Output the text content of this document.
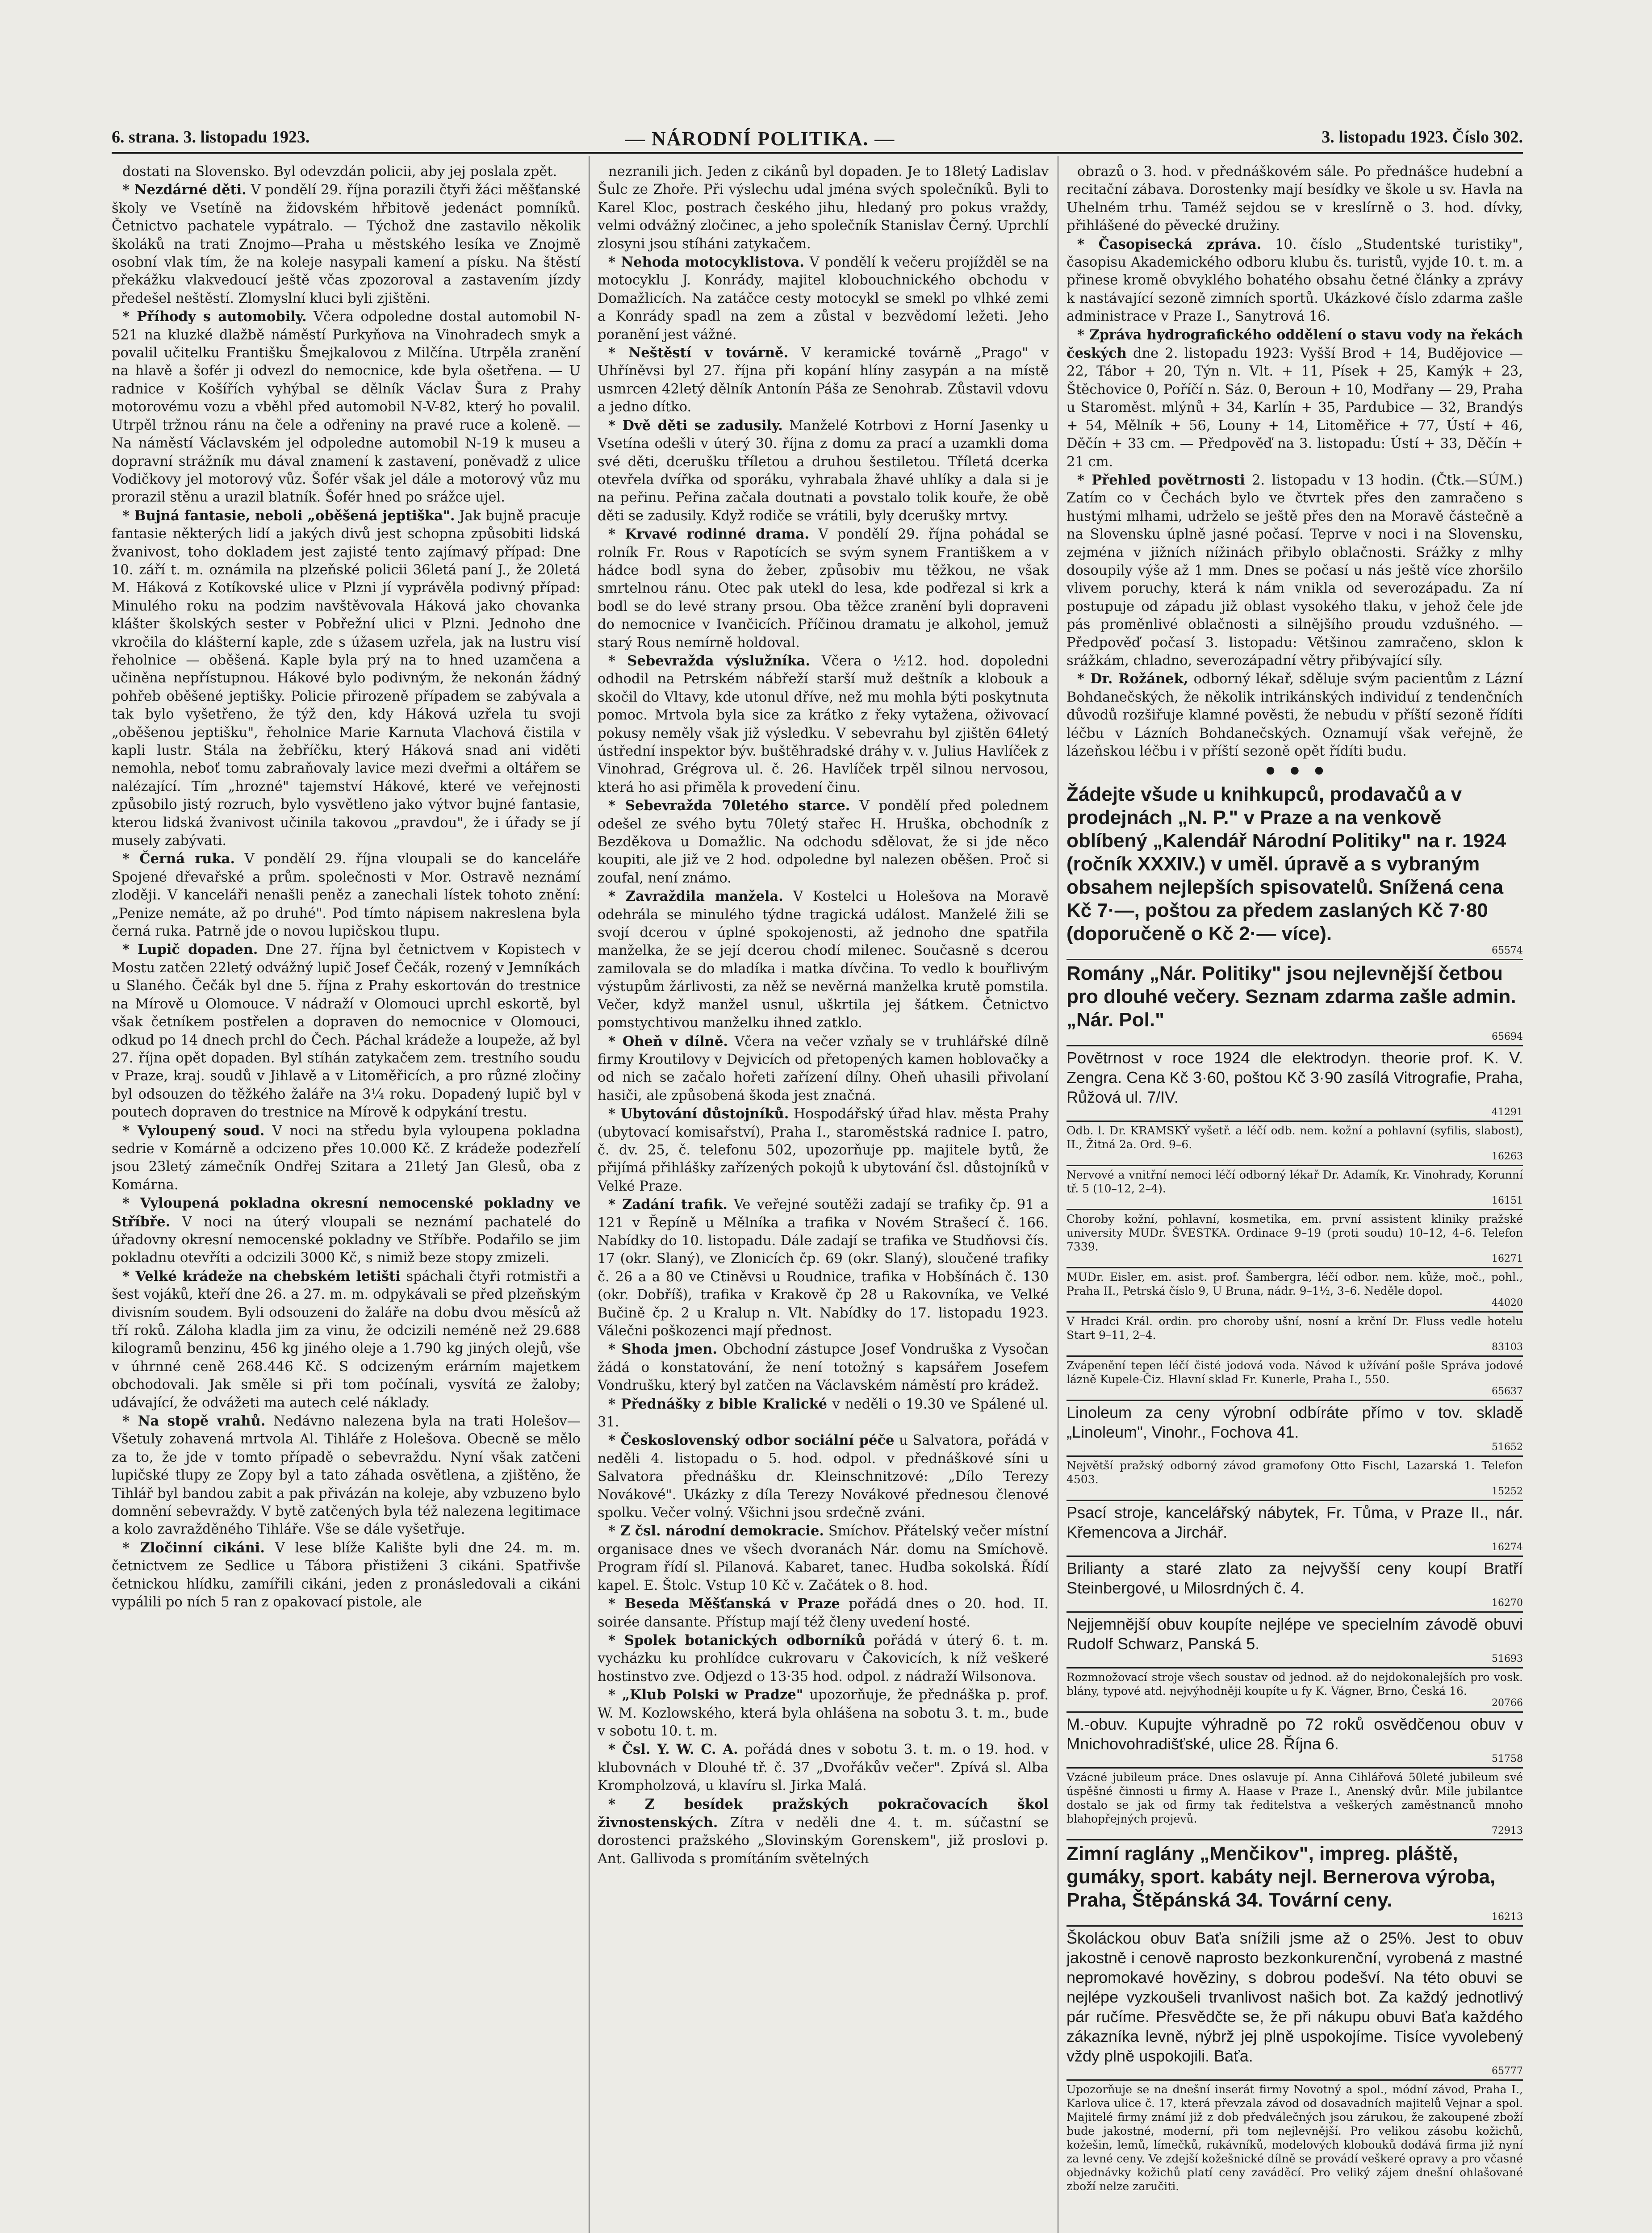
6. strana. 3. listopadu 1923.	— NÁRODNÍ POLITIKA. —	3. listopadu 1923. Číslo 302.

dostati na Slovensko. Byl odevzdán policii, aby jej poslala zpět.

* Nezdárné děti. V pondělí 29. října porazili čtyři žáci měšťanské školy ve Vsetíně na židovském hřbitově jedenáct pomníků. Četnictvo pachatele vypátralo. — Týchož dne zastavilo několik školáků na trati Znojmo—Praha u městského lesíka ve Znojmě osobní vlak tím, že na koleje nasypali kamení a písku. Na štěstí překážku vlakvedoucí ještě včas zpozoroval a zastavením jízdy předešel neštěstí. Zlomyslní kluci byli zjištěni.

* Příhody s automobily. Včera odpoledne dostal automobil N-521 na kluzké dlažbě náměstí Purkyňova na Vinohradech smyk a povalil učitelku Františku Šmejkalovou z Milčína. Utrpěla zranění na hlavě a šofér ji odvezl do nemocnice, kde byla ošetřena. — U radnice v Košířích vyhýbal se dělník Václav Šura z Prahy motorovému vozu a vběhl před automobil N-V-82, který ho povalil. Utrpěl tržnou ránu na čele a odřeniny na pravé ruce a koleně. — Na náměstí Václavském jel odpoledne automobil N-19 k museu a dopravní strážník mu dával znamení k zastavení, poněvadž z ulice Vodičkovy jel motorový vůz. Šofér však jel dále a motorový vůz mu prorazil stěnu a urazil blatník. Šofér hned po srážce ujel.

* Bujná fantasie, neboli „oběšená jeptiška". Jak bujně pracuje fantasie některých lidí a jakých divů jest schopna způsobiti lidská žvanivost, toho dokladem jest zajisté tento zajímavý případ: Dne 10. září t. m. oznámila na plzeňské policii 36letá paní J., že 20letá M. Háková z Kotíkovské ulice v Plzni jí vyprávěla podivný případ: Minulého roku na podzim navštěvovala Háková jako chovanka klášter školských sester v Pobřežní ulici v Plzni. Jednoho dne vkročila do klášterní kaple, zde s úžasem uzřela, jak na lustru visí řeholnice — oběšená. Kaple byla prý na to hned uzamčena a učiněna nepřístupnou. Hákové bylo podivným, že nekonán žádný pohřeb oběšené jeptišky. Policie přirozeně případem se zabývala a tak bylo vyšetřeno, že týž den, kdy Háková uzřela tu svoji „oběšenou jeptišku", řeholnice Marie Karnuta Vlachová čistila v kapli lustr. Stála na žebříčku, který Háková snad ani viděti nemohla, neboť tomu zabraňovaly lavice mezi dveřmi a oltářem se nalézající. Tím „hrozné" tajemství Hákové, které ve veřejnosti způsobilo jistý rozruch, bylo vysvětleno jako výtvor bujné fantasie, kterou lidská žvanivost učinila takovou „pravdou", že i úřady se jí musely zabývati.

* Černá ruka. V pondělí 29. října vloupali se do kanceláře Spojené dřevařské a prům. společnosti v Mor. Ostravě neznámí zloději. V kanceláři nenašli peněz a zanechali lístek tohoto znění: „Penize nemáte, až po druhé". Pod tímto nápisem nakreslena byla černá ruka. Patrně jde o novou lupičskou tlupu.

* Lupič dopaden. Dne 27. října byl četnictvem v Kopistech v Mostu zatčen 22letý odvážný lupič Josef Čečák, rozený v Jemníkách u Slaného. Čečák byl dne 5. října z Prahy eskortován do trestnice na Mírově u Olomouce. V nádraží v Olomouci uprchl eskortě, byl však četníkem postřelen a dopraven do nemocnice v Olomouci, odkud po 14 dnech prchl do Čech. Páchal krádeže a loupeže, až byl 27. října opět dopaden. Byl stíhán zatykačem zem. trestního soudu v Praze, kraj. soudů v Jihlavě a v Litoměřicích, a pro různé zločiny byl odsouzen do těžkého žaláře na 3¼ roku. Dopadený lupič byl v poutech dopraven do trestnice na Mírově k odpykání trestu.

* Vyloupený soud. V noci na středu byla vyloupena pokladna sedrie v Komárně a odcizeno přes 10.000 Kč. Z krádeže podezřelí jsou 23letý zámečník Ondřej Szitara a 21letý Jan Glesů, oba z Komárna.

* Vyloupená pokladna okresní nemocenské pokladny ve Stříbře. V noci na úterý vloupali se neznámí pachatelé do úřadovny okresní nemocenské pokladny ve Stříbře. Podařilo se jim pokladnu otevříti a odcizili 3000 Kč, s nimiž beze stopy zmizeli.

* Velké krádeže na chebském letišti spáchali čtyři rotmistři a šest vojáků, kteří dne 26. a 27. m. m. odpykávali se před plzeňským divisním soudem. Byli odsouzeni do žaláře na dobu dvou měsíců až tří roků. Záloha kladla jim za vinu, že odcizili neméně než 29.688 kilogramů benzinu, 456 kg jiného oleje a 1.790 kg jiných olejů, vše v úhrnné ceně 268.446 Kč. S odcizeným erárním majetkem obchodovali. Jak směle si při tom počínali, vysvítá ze žaloby; udávající, že odvážeti ma autech celé náklady.

* Na stopě vrahů. Nedávno nalezena byla na trati Holešov—Všetuly zohavená mrtvola Al. Tihláře z Holešova. Obecně se mělo za to, že jde v tomto případě o sebevraždu. Nyní však zatčeni lupičské tlupy ze Zopy byl a tato záhada osvětlena, a zjištěno, že Tihlář byl bandou zabit a pak přivázán na koleje, aby vzbuzeno bylo domnění sebevraždy. V bytě zatčených byla též nalezena legitimace a kolo zavražděného Tihláře. Vše se dále vyšetřuje.

* Zločinní cikáni. V lese blíže Kalište byli dne 24. m. m. četnictvem ze Sedlice u Tábora přistiženi 3 cikáni. Spatřivše četnickou hlídku, zamířili cikáni, jeden z pronásledovali a cikáni vypálili po ních 5 ran z opakovací pistole, ale

nezranili jich. Jeden z cikánů byl dopaden. Je to 18letý Ladislav Šulc ze Zhoře. Při výslechu udal jména svých společníků. Byli to Karel Kloc, postrach českého jihu, hledaný pro pokus vraždy, velmi odvážný zločinec, a jeho společník Stanislav Černý. Uprchlí zlosyni jsou stíháni zatykačem.

* Nehoda motocyklistova. V pondělí k večeru projížděl se na motocyklu J. Konrády, majitel klobouchnického obchodu v Domažlicích. Na zatáčce cesty motocykl se smekl po vlhké zemi a Konrády spadl na zem a zůstal v bezvědomí ležeti. Jeho poranění jest vážné.

* Neštěstí v továrně. V keramické továrně „Prago" v Uhříněvsi byl 27. října při kopání hlíny zasypán a na místě usmrcen 42letý dělník Antonín Páša ze Senohrab. Zůstavil vdovu a jedno dítko.

* Dvě děti se zadusily. Manželé Kotrbovi z Horní Jasenky u Vsetína odešli v úterý 30. října z domu za prací a uzamkli doma své děti, dcerušku tříletou a druhou šestiletou. Tříletá dcerka otevřela dvířka od sporáku, vyhrabala žhavé uhlíky a dala si je na peřinu. Peřina začala doutnati a povstalo tolik kouře, že obě děti se zadusily. Když rodiče se vrátili, byly dcerušky mrtvy.

* Krvavé rodinné drama. V pondělí 29. října pohádal se rolník Fr. Rous v Rapotících se svým synem Františkem a v hádce bodl syna do žeber, způsobiv mu těžkou, ne však smrtelnou ránu. Otec pak utekl do lesa, kde podřezal si krk a bodl se do levé strany prsou. Oba těžce zranění byli dopraveni do nemocnice v Ivančicích. Příčinou dramatu je alkohol, jemuž starý Rous nemírně holdoval.

* Sebevražda výslužníka. Včera o ½12. hod. dopoledni odhodil na Petrském nábřeží starší muž deštník a klobouk a skočil do Vltavy, kde utonul dříve, než mu mohla býti poskytnuta pomoc. Mrtvola byla sice za krátko z řeky vytažena, oživovací pokusy neměly však již výsledku. V sebevrahu byl zjištěn 64letý ústřední inspektor býv. buštěhradské dráhy v. v. Julius Havlíček z Vinohrad, Grégrova ul. č. 26. Havlíček trpěl silnou nervosou, která ho asi přiměla k provedení činu.

* Sebevražda 70letého starce. V pondělí před polednem odešel ze svého bytu 70letý stařec H. Hruška, obchodník z Bezděkova u Domažlic. Na odchodu sdělovat, že si jde něco koupiti, ale již ve 2 hod. odpoledne byl nalezen oběšen. Proč si zoufal, není známo.

* Zavraždila manžela. V Kostelci u Holešova na Moravě odehrála se minulého týdne tragická událost. Manželé žili se svojí dcerou v úplné spokojenosti, až jednoho dne spatřila manželka, že se její dcerou chodí milenec. Současně s dcerou zamilovala se do mladíka i matka dívčina. To vedlo k bouřlivým výstupům žárlivosti, za něž se nevěrná manželka krutě pomstila. Večer, když manžel usnul, uškrtila jej šátkem. Četnictvo pomstychtivou manželku ihned zatklo.

* Oheň v dílně. Včera na večer vzňaly se v truhlářské dílně firmy Kroutilovy v Dejvicích od přetopených kamen hoblovačky a od nich se začalo hořeti zařízení dílny. Oheň uhasili přivolaní hasiči, ale způsobená škoda jest značná.

* Ubytování důstojníků. Hospodářský úřad hlav. města Prahy (ubytovací komisařství), Praha I., staroměstská radnice I. patro, č. dv. 25, č. telefonu 502, upozorňuje pp. majitele bytů, že přijímá přihlášky zařízených pokojů k ubytování čsl. důstojníků v Velké Praze.

* Zadání trafik. Ve veřejné soutěži zadají se trafiky čp. 91 a 121 v Řepíně u Mělníka a trafika v Novém Strašecí č. 166. Nabídky do 10. listopadu. Dále zadají se trafika ve Studňovsi čís. 17 (okr. Slaný), ve Zlonicích čp. 69 (okr. Slaný), sloučené trafiky č. 26 a a 80 ve Ctiněvsi u Roudnice, trafika v Hobšínách č. 130 (okr. Dobříš), trafika v Krakově čp 28 u Rakovníka, ve Velké Bučině čp. 2 u Kralup n. Vlt. Nabídky do 17. listopadu 1923. Válečni poškozenci mají přednost.

* Shoda jmen. Obchodní zástupce Josef Vondruška z Vysočan žádá o konstatování, že není totožný s kapsářem Josefem Vondrušku, který byl zatčen na Václavském náměstí pro krádež.

* Přednášky z bible Kralické v neděli o 19.30 ve Spálené ul. 31.

* Československý odbor sociální péče u Salvatora, pořádá v neděli 4. listopadu o 5. hod. odpol. v přednáškové síni u Salvatora přednášku dr. Kleinschnitzové: „Dílo Terezy Novákové". Ukázky z díla Terezy Novákové přednesou členové spolku. Večer volný. Všichni jsou srdečně zváni.

* Z čsl. národní demokracie. Smíchov. Přátelský večer místní organisace dnes ve všech dvoranách Nár. domu na Smíchově. Program řídí sl. Pilanová. Kabaret, tanec. Hudba sokolská. Řídí kapel. E. Štolc. Vstup 10 Kč v. Začátek o 8. hod.

* Beseda Měšťanská v Praze pořádá dnes o 20. hod. II. soirée dansante. Přístup mají též členy uvedení hosté.

* Spolek botanických odborníků pořádá v úterý 6. t. m. vycházku ku prohlídce cukrovaru v Čakovicích, k níž veškeré hostinstvo zve. Odjezd o 13·35 hod. odpol. z nádraží Wilsonova.

* „Klub Polski w Pradze" upozorňuje, že přednáška p. prof. W. M. Kozlowského, která byla ohlášena na sobotu 3. t. m., bude v sobotu 10. t. m.

* Čsl. Y. W. C. A. pořádá dnes v sobotu 3. t. m. o 19. hod. v klubovnách v Dlouhé tř. č. 37 „Dvořákův večer". Zpívá sl. Alba Krompholzová, u klavíru sl. Jirka Malá.

* Z besídek pražských pokračovacích škol živnostenských. Zítra v neděli dne 4. t. m. súčastní se dorostenci pražského „Slovinským Gorenskem", již proslovi p. Ant. Gallivoda s promítáním světelných

obrazů o 3. hod. v přednáškovém sále. Po přednášce hudební a recitační zábava. Dorostenky mají besídky ve škole u sv. Havla na Uhelném trhu. Taméž sejdou se v kreslírně o 3. hod. dívky, přihlášené do pěvecké družiny.

* Časopisecká zpráva. 10. číslo „Studentské turistiky", časopisu Akademického odboru klubu čs. turistů, vyjde 10. t. m. a přinese kromě obvyklého bohatého obsahu četné články a zprávy k nastávající sezoně zimních sportů. Ukázkové číslo zdarma zašle administrace v Praze I., Sanytrová 16.

* Zpráva hydrografického oddělení o stavu vody na řekách českých dne 2. listopadu 1923: Vyšší Brod + 14, Budějovice — 22, Tábor + 20, Týn n. Vlt. + 11, Písek + 25, Kamýk + 23, Štěchovice 0, Poříčí n. Sáz. 0, Beroun + 10, Modřany — 29, Praha u Staroměst. mlýnů + 34, Karlín + 35, Pardubice — 32, Brandýs + 54, Mělník + 56, Louny + 14, Litoměřice + 77, Ústí + 46, Děčín + 33 cm. — Předpověď na 3. listopadu: Ústí + 33, Děčín + 21 cm.

* Přehled povětrnosti 2. listopadu v 13 hodin. (Čtk.—SÚM.) Zatím co v Čechách bylo ve čtvrtek přes den zamračeno s hustými mlhami, udrželo se ještě přes den na Moravě částečně a na Slovensku úplně jasné počasí. Teprve v noci i na Slovensku, zejména v jižních nížinách přibylo oblačnosti. Srážky z mlhy dosoupily výše až 1 mm. Dnes se počasí u nás ještě více zhoršilo vlivem poruchy, která k nám vnikla od severozápadu. Za ní postupuje od západu již oblast vysokého tlaku, v jehož čele jde pás proměnlivé oblačnosti a silnějšího proudu vzdušného. — Předpověď počasí 3. listopadu: Většinou zamračeno, sklon k srážkám, chladno, severozápadní větry přibývající síly.

* Dr. Rožánek, odborný lékař, sděluje svým pacientům z Lázní Bohdanečských, že několik intrikánských individuí z tendenčních důvodů rozšiřuje klamné pověsti, že nebudu v příští sezoně řídíti léčbu v Lázních Bohdanečských. Oznamují však veřejně, že lázeňskou léčbu i v příští sezoně opět řídíti budu.

• • •
Žádejte všude u knihkupců, prodavačů a v prodejnách „N. P." v Praze a na venkově oblíbený „Kalendář Národní Politiky" na r. 1924 (ročník XXXIV.) v uměl. úpravě a s vybraným obsahem nejlepších spisovatelů. Snížená cena Kč 7·—, poštou za předem zaslaných Kč 7·80 (doporučeně o Kč 2·— více).
65574
Romány „Nár. Politiky" jsou nejlevnější četbou pro dlouhé večery. Seznam zdarma zašle admin. „Nár. Pol."
65694
Povětrnost v roce 1924 dle elektrodyn. theorie prof. K. V. Zengra. Cena Kč 3·60, poštou Kč 3·90 zasílá Vitrografie, Praha, Růžová ul. 7/IV.
41291
Odb. l. Dr. KRAMSKÝ vyšetř. a léčí odb. nem. kožní a pohlavní (syfilis, slabost), II., Žitná 2a. Ord. 9–6.
16263
Nervové a vnitřní nemoci léčí odborný lékař Dr. Adamík, Kr. Vinohrady, Korunní tř. 5 (10–12, 2–4).
16151
Choroby kožní, pohlavní, kosmetika, em. první assistent kliniky pražské university MUDr. ŠVESTKA. Ordinace 9–19 (proti soudu) 10–12, 4–6. Telefon 7339.
16271
MUDr. Eisler, em. asist. prof. Šambergra, léčí odbor. nem. kůže, moč., pohl., Praha II., Petrská číslo 9, U Bruna, nádr. 9–1½, 3–6. Neděle dopol.
44020
V Hradci Král. ordin. pro choroby ušní, nosní a krční Dr. Fluss vedle hotelu Start 9–11, 2–4.
83103
Zvápenění tepen léčí čisté jodová voda. Návod k užívání pošle Správa jodové lázně Kupele-Čiz. Hlavní sklad Fr. Kunerle, Praha I., 550.
65637
Linoleum za ceny výrobní odbíráte přímo v tov. skladě „Linoleum", Vinohr., Fochova 41.
51652
Největší pražský odborný závod gramofony Otto Fischl, Lazarská 1. Telefon 4503.
15252
Psací stroje, kancelářský nábytek, Fr. Tůma, v Praze II., nár. Křemencova a Jirchář.
16274
Brilianty a staré zlato za nejvyšší ceny koupí Bratří Steinbergové, u Milosrdných č. 4.
16270
Nejjemnější obuv koupíte nejlépe ve specielním závodě obuvi Rudolf Schwarz, Panská 5.
51693
Rozmnožovací stroje všech soustav od jednod. až do nejdokonalejších pro vosk. blány, typové atd. nejvýhodněji koupíte u fy K. Vágner, Brno, Česká 16.
20766
M.-obuv. Kupujte výhradně po 72 roků osvědčenou obuv v Mnichovohradišťské, ulice 28. Října 6.
51758
Vzácné jubileum práce. Dnes oslavuje pí. Anna Cihlářová 50leté jubileum své úspěšné činnosti u firmy A. Haase v Praze I., Anenský dvůr. Mile jubilantce dostalo se jak od firmy tak ředitelstva a veškerých zaměstnanců mnoho blahopřejných projevů.
72913
Zimní raglány „Menčikov", impreg. pláště, gumáky, sport. kabáty nejl. Bernerova výroba, Praha, Štěpánská 34. Tovární ceny.
16213
Školáckou obuv Baťa snížili jsme až o 25%. Jest to obuv jakostně i cenově naprosto bezkonkurenční, vyrobená z mastné nepromokavé hověziny, s dobrou podešví. Na této obuvi se nejlépe vyzkoušeli trvanlivost našich bot. Za každý jednotlivý pár ručíme. Přesvědčte se, že při nákupu obuvi Baťa každého zákazníka levně, nýbrž jej plně uspokojíme. Tisíce vyvolebený vždy plně uspokojili. Baťa.
65777
Upozorňuje se na dnešní inserát firmy Novotný a spol., módní závod, Praha I., Karlova ulice č. 17, která převzala závod od dosavadních majitelů Vejnar a spol. Majitelé firmy známí již z dob předválečných jsou zárukou, že zakoupené zboží bude jakostné, moderní, při tom nejlevnější. Pro velikou zásobu kožichů, kožešin, lemů, límečků, rukávníků, modelových klobouků dodává firma již nyní za levné ceny. Ve zdejší kožešnické dílně se provádí veškeré opravy a pro včasné objednávky kožichů platí ceny zaváděcí. Pro veliký zájem dnešní ohlašované zboží nelze zaručiti.
